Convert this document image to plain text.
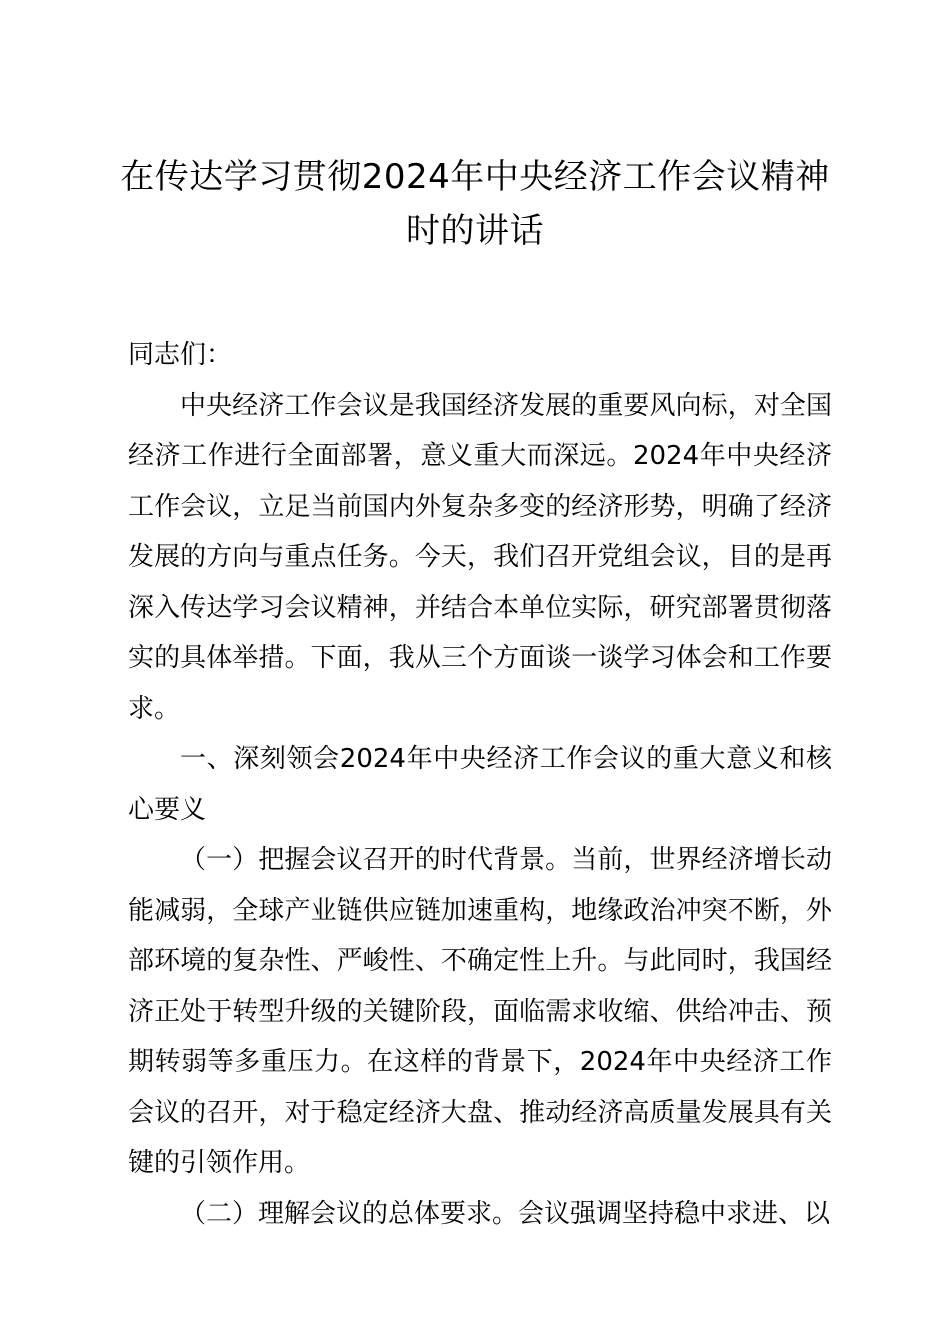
在传达学习贯彻2024年中央经济工作会议精神时的讲话

同志们：

中央经济工作会议是我国经济发展的重要风向标，对全国经济工作进行全面部署，意义重大而深远。2024年中央经济工作会议，立足当前国内外复杂多变的经济形势，明确了经济发展的方向与重点任务。今天，我们召开党组会议，目的是再深入传达学习会议精神，并结合本单位实际，研究部署贯彻落实的具体举措。下面，我从三个方面谈一谈学习体会和工作要求。

一、深刻领会2024年中央经济工作会议的重大意义和核心要义

（一）把握会议召开的时代背景。当前，世界经济增长动能减弱，全球产业链供应链加速重构，地缘政治冲突不断，外部环境的复杂性、严峻性、不确定性上升。与此同时，我国经济正处于转型升级的关键阶段，面临需求收缩、供给冲击、预期转弱等多重压力。在这样的背景下，2024年中央经济工作会议的召开，对于稳定经济大盘、推动经济高质量发展具有关键的引领作用。

（二）理解会议的总体要求。会议强调坚持稳中求进、以
